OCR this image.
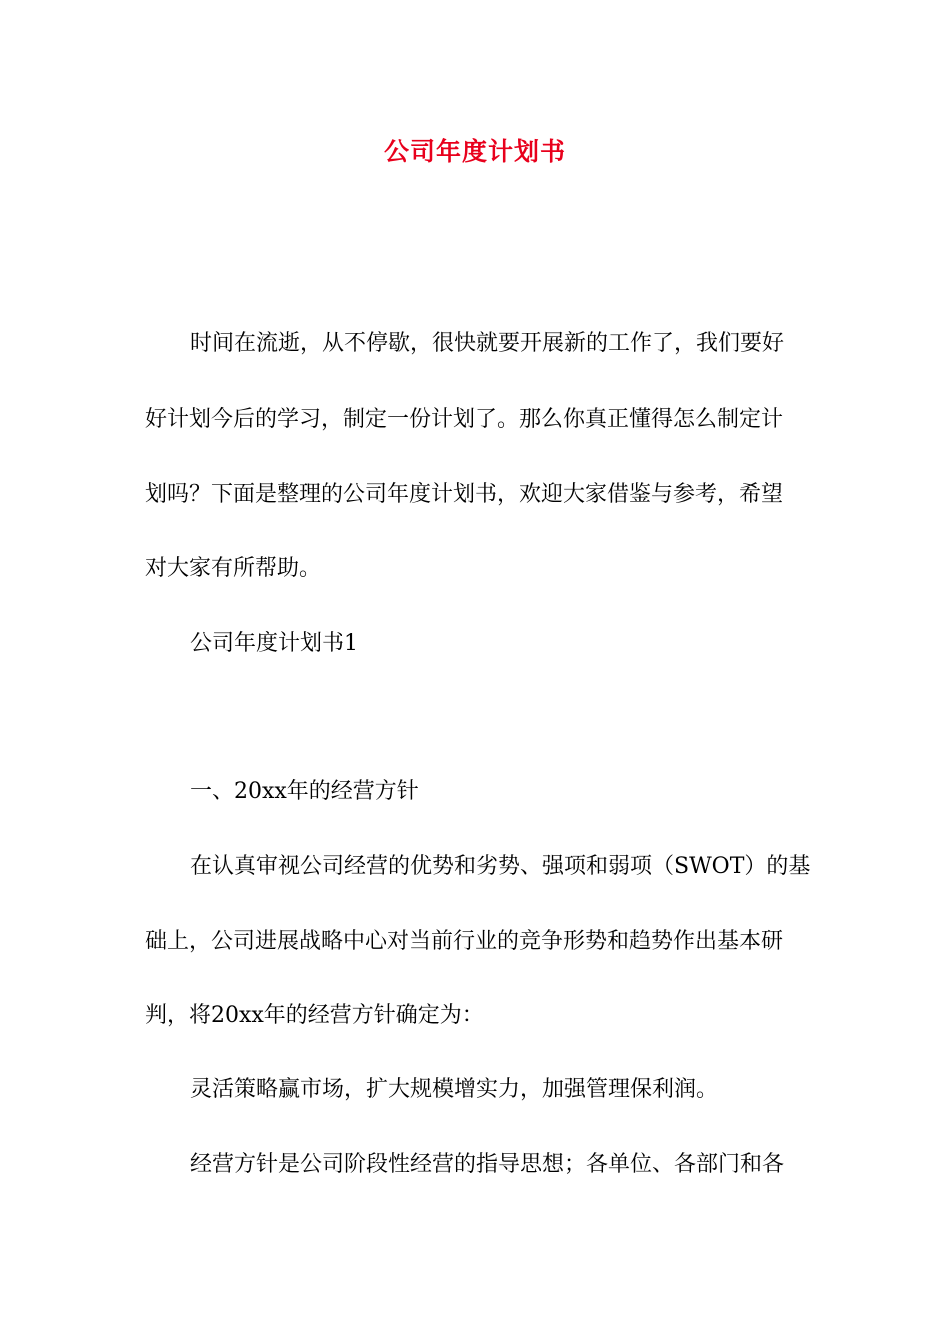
公司年度计划书
时间在流逝，从不停歇，很快就要开展新的工作了，我们要好
好计划今后的学习，制定一份计划了。那么你真正懂得怎么制定计
划吗？下面是整理的公司年度计划书，欢迎大家借鉴与参考，希望
对大家有所帮助。
公司年度计划书1
一、20xx年的经营方针
在认真审视公司经营的优势和劣势、强项和弱项（SWOT）的基
础上，公司进展战略中心对当前行业的竞争形势和趋势作出基本研
判，将20xx年的经营方针确定为：
灵活策略赢市场，扩大规模增实力，加强管理保利润。
经营方针是公司阶段性经营的指导思想；各单位、各部门和各
